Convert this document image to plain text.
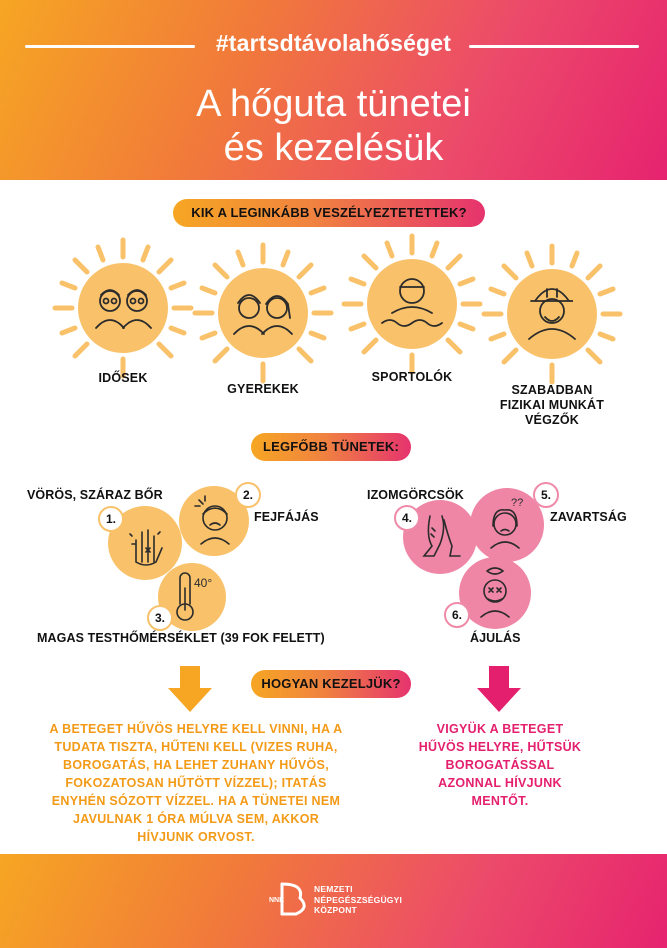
#tartsdtávolahőséget
A hőguta tünetei
és kezelésük
KIK A LEGINKÁBB VESZÉLYEZTETETTEK?
IDŐSEK
GYEREKEK
SPORTOLÓK
SZABADBAN
FIZIKAI MUNKÁT
VÉGZŐK
LEGFŐBB TÜNETEK:
40°
1.
2.
3.
VÖRÖS, SZÁRAZ BŐR
FEJFÁJÁS
MAGAS TESTHŐMÉRSÉKLET (39 FOK FELETT)
??
4.
5.
6.
IZOMGÖRCSÖK
ZAVARTSÁG
ÁJULÁS
HOGYAN KEZELJÜK?
A BETEGET HŰVÖS HELYRE KELL VINNI, HA A
TUDATA TISZTA, HŰTENI KELL (VIZES RUHA,
BOROGATÁS, HA LEHET ZUHANY HŰVÖS,
FOKOZATOSAN HŰTÖTT VÍZZEL); ITATÁS
ENYHÉN SÓZOTT VÍZZEL. HA A TÜNETEI NEM
JAVULNAK 1 ÓRA MÚLVA SEM, AKKOR
HÍVJUNK ORVOST.
VIGYÜK A BETEGET
HŰVÖS HELYRE, HŰTSÜK
BOROGATÁSSAL
AZONNAL HÍVJUNK
MENTŐT.
NNK
NEMZETI
NÉPEGÉSZSÉGÜGYI
KÖZPONT
